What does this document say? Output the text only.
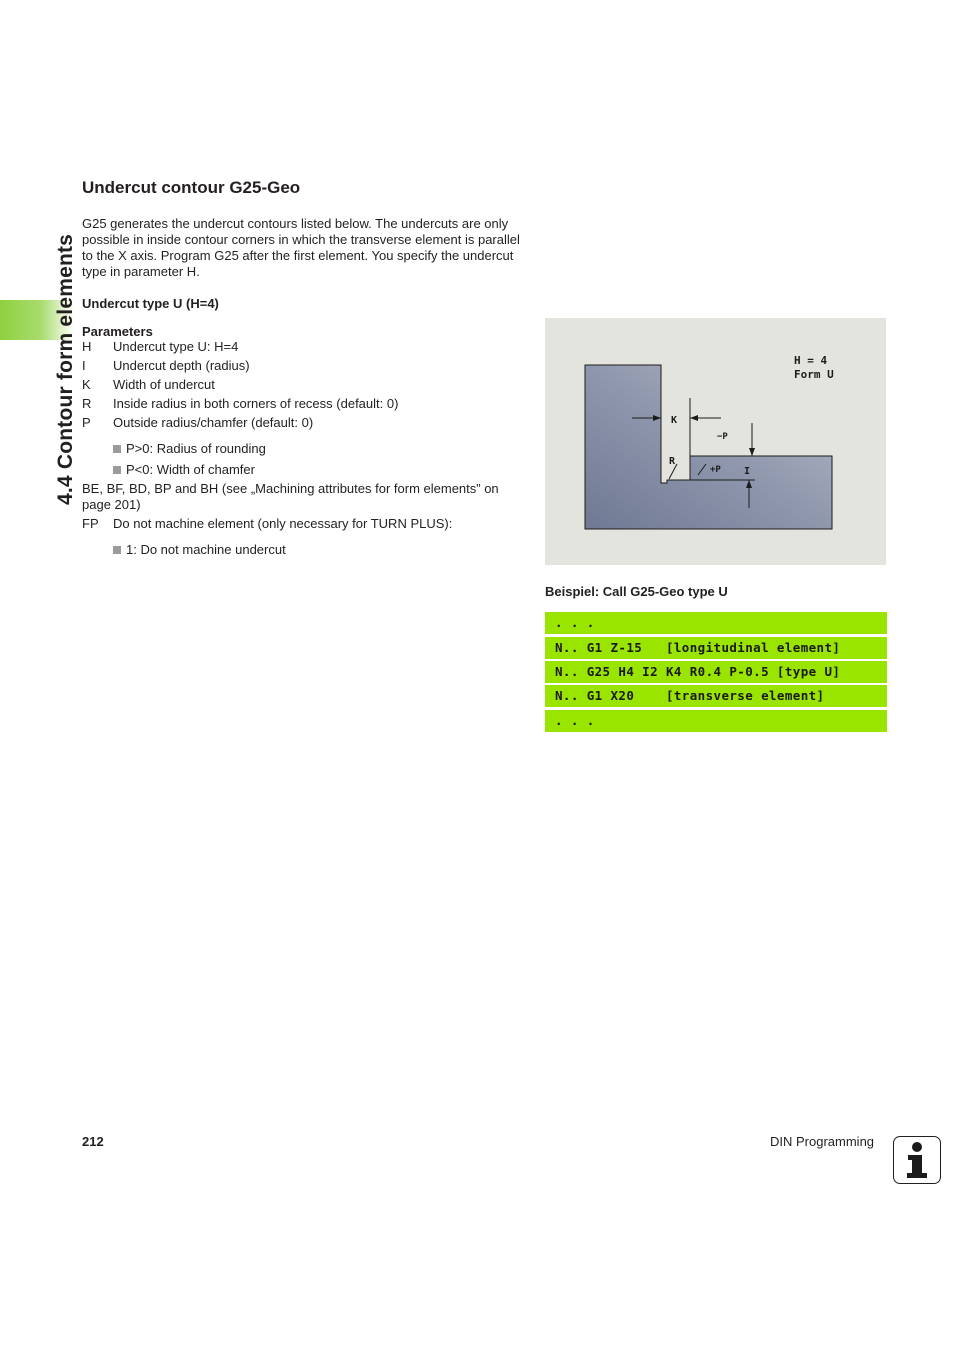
4.4 Contour form elements
Undercut contour G25-Geo

G25 generates the undercut contours listed below. The undercuts are only possible in inside contour corners in which the transverse element is parallel to the X axis. Program G25 after the first element. You specify the undercut type in parameter H.

Undercut type U (H=4)

Parameters

H Undercut type U: H=4
I Undercut depth (radius)
K Width of undercut
R Inside radius in both corners of recess (default: 0)
P Outside radius/chamfer (default: 0)
P>0: Radius of rounding
P<0: Width of chamfer
BE, BF, BD, BP and BH (see „Machining attributes for form elements” on page 201)
FP Do not machine element (only necessary for TURN PLUS):
1: Do not machine undercut
H = 4
Form U
K
−P
R
+P I
Beispiel: Call G25-Geo type U
. . .
N.. G1 Z-15   [longitudinal element]
N.. G25 H4 I2 K4 R0.4 P-0.5 [type U]
N.. G1 X20    [transverse element]
. . .
212	DIN Programming
